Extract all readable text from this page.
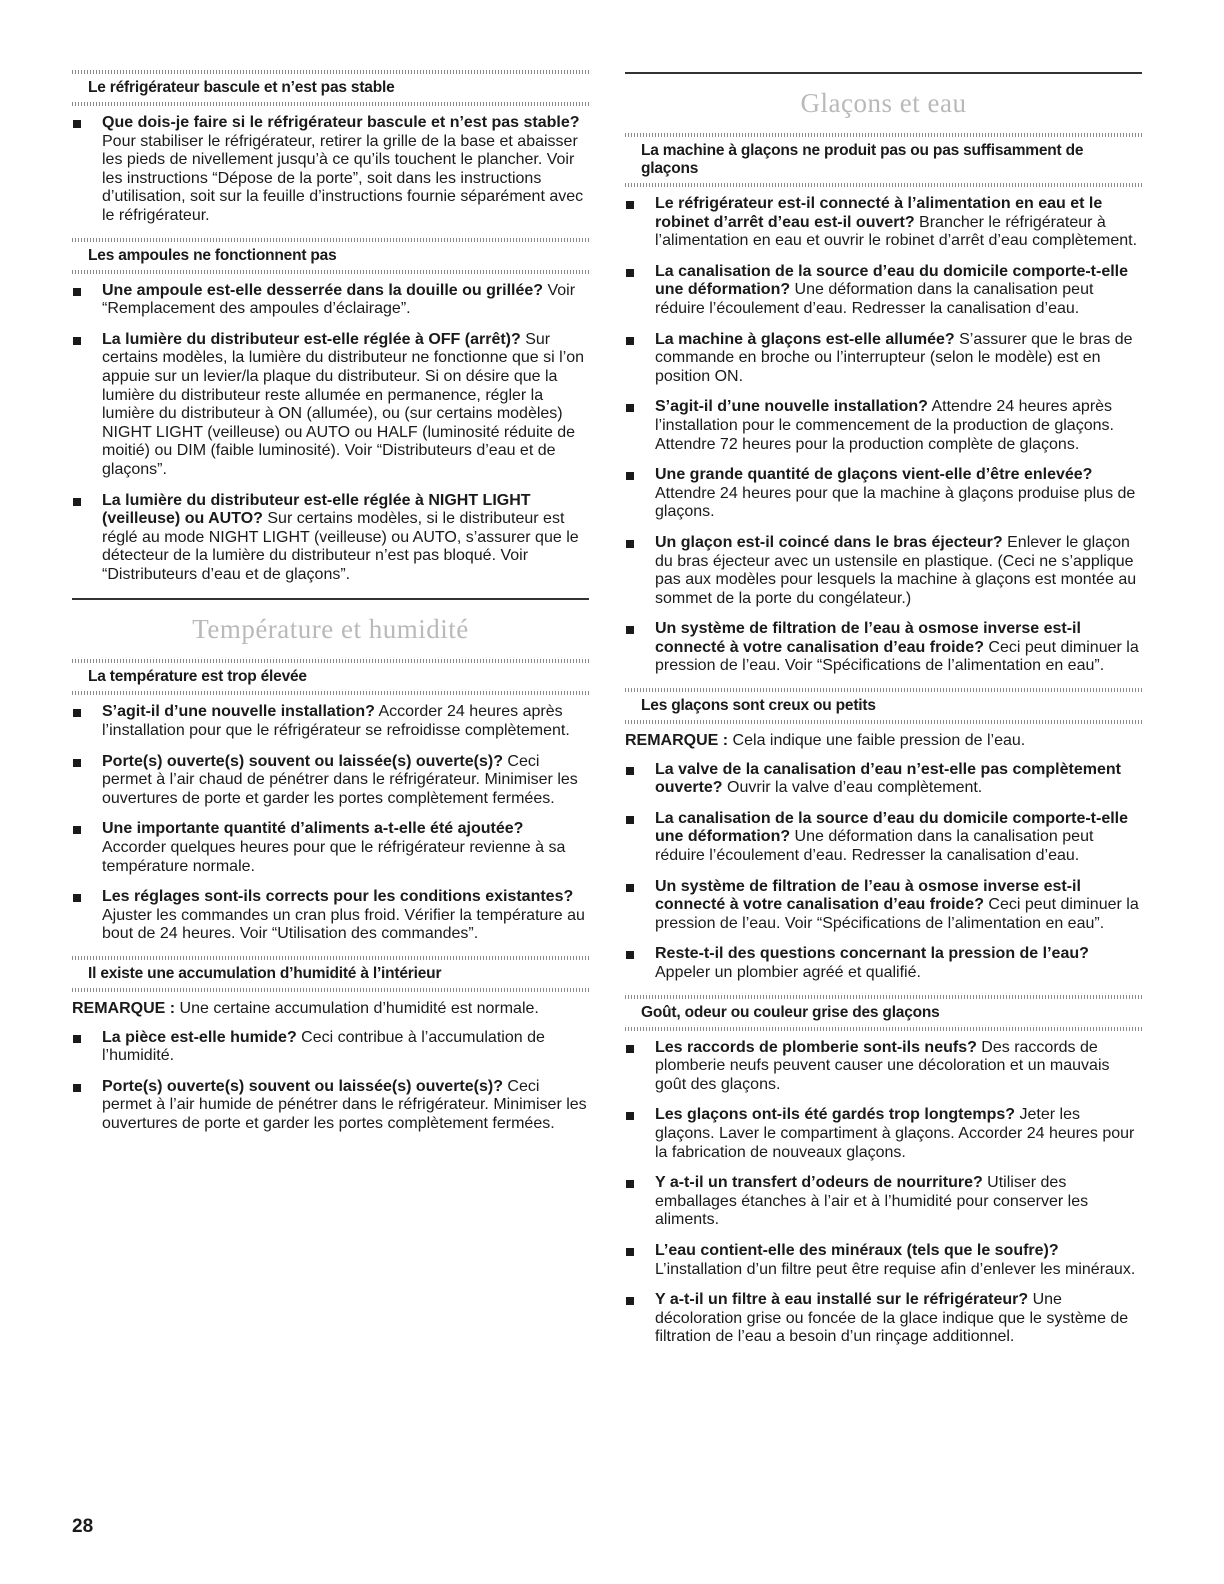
Le réfrigérateur bascule et n’est pas stable
Que dois-je faire si le réfrigérateur bascule et n’est pas stable? Pour stabiliser le réfrigérateur, retirer la grille de la base et abaisser les pieds de nivellement jusqu’à ce qu’ils touchent le plancher. Voir les instructions “Dépose de la porte”, soit dans les instructions d’utilisation, soit sur la feuille d’instructions fournie séparément avec le réfrigérateur.
Les ampoules ne fonctionnent pas
Une ampoule est-elle desserrée dans la douille ou grillée? Voir “Remplacement des ampoules d’éclairage”.
La lumière du distributeur est-elle réglée à OFF (arrêt)? Sur certains modèles, la lumière du distributeur ne fonctionne que si l’on appuie sur un levier/la plaque du distributeur. Si on désire que la lumière du distributeur reste allumée en permanence, régler la lumière du distributeur à ON (allumée), ou (sur certains modèles) NIGHT LIGHT (veilleuse) ou AUTO ou HALF (luminosité réduite de moitié) ou DIM (faible luminosité). Voir “Distributeurs d’eau et de glaçons”.
La lumière du distributeur est-elle réglée à NIGHT LIGHT (veilleuse) ou AUTO? Sur certains modèles, si le distributeur est réglé au mode NIGHT LIGHT (veilleuse) ou AUTO, s’assurer que le détecteur de la lumière du distributeur n’est pas bloqué. Voir “Distributeurs d’eau et de glaçons”.
Température et humidité
La température est trop élevée
S’agit-il d’une nouvelle installation? Accorder 24 heures après l’installation pour que le réfrigérateur se refroidisse complètement.
Porte(s) ouverte(s) souvent ou laissée(s) ouverte(s)? Ceci permet à l’air chaud de pénétrer dans le réfrigérateur. Minimiser les ouvertures de porte et garder les portes complètement fermées.
Une importante quantité d’aliments a-t-elle été ajoutée? Accorder quelques heures pour que le réfrigérateur revienne à sa température normale.
Les réglages sont-ils corrects pour les conditions existantes? Ajuster les commandes un cran plus froid. Vérifier la température au bout de 24 heures. Voir “Utilisation des commandes”.
Il existe une accumulation d’humidité à l’intérieur

REMARQUE : Une certaine accumulation d’humidité est normale.

La pièce est-elle humide? Ceci contribue à l’accumulation de l’humidité.
Porte(s) ouverte(s) souvent ou laissée(s) ouverte(s)? Ceci permet à l’air humide de pénétrer dans le réfrigérateur. Minimiser les ouvertures de porte et garder les portes complètement fermées.
Glaçons et eau
La machine à glaçons ne produit pas ou pas suffisamment de glaçons
Le réfrigérateur est-il connecté à l’alimentation en eau et le robinet d’arrêt d’eau est-il ouvert? Brancher le réfrigérateur à l’alimentation en eau et ouvrir le robinet d’arrêt d’eau complètement.
La canalisation de la source d’eau du domicile comporte-t-elle une déformation? Une déformation dans la canalisation peut réduire l’écoulement d’eau. Redresser la canalisation d’eau.
La machine à glaçons est-elle allumée? S’assurer que le bras de commande en broche ou l’interrupteur (selon le modèle) est en position ON.
S’agit-il d’une nouvelle installation? Attendre 24 heures après l’installation pour le commencement de la production de glaçons. Attendre 72 heures pour la production complète de glaçons.
Une grande quantité de glaçons vient-elle d’être enlevée? Attendre 24 heures pour que la machine à glaçons produise plus de glaçons.
Un glaçon est-il coincé dans le bras éjecteur? Enlever le glaçon du bras éjecteur avec un ustensile en plastique. (Ceci ne s’applique pas aux modèles pour lesquels la machine à glaçons est montée au sommet de la porte du congélateur.)
Un système de filtration de l’eau à osmose inverse est-il connecté à votre canalisation d’eau froide? Ceci peut diminuer la pression de l’eau. Voir “Spécifications de l’alimentation en eau”.
Les glaçons sont creux ou petits

REMARQUE : Cela indique une faible pression de l’eau.

La valve de la canalisation d’eau n’est-elle pas complètement ouverte? Ouvrir la valve d’eau complètement.
La canalisation de la source d’eau du domicile comporte-t-elle une déformation? Une déformation dans la canalisation peut réduire l’écoulement d’eau. Redresser la canalisation d’eau.
Un système de filtration de l’eau à osmose inverse est-il connecté à votre canalisation d’eau froide? Ceci peut diminuer la pression de l’eau. Voir “Spécifications de l’alimentation en eau”.
Reste-t-il des questions concernant la pression de l’eau? Appeler un plombier agréé et qualifié.
Goût, odeur ou couleur grise des glaçons
Les raccords de plomberie sont-ils neufs? Des raccords de plomberie neufs peuvent causer une décoloration et un mauvais goût des glaçons.
Les glaçons ont-ils été gardés trop longtemps? Jeter les glaçons. Laver le compartiment à glaçons. Accorder 24 heures pour la fabrication de nouveaux glaçons.
Y a-t-il un transfert d’odeurs de nourriture? Utiliser des emballages étanches à l’air et à l’humidité pour conserver les aliments.
L’eau contient-elle des minéraux (tels que le soufre)? L’installation d’un filtre peut être requise afin d’enlever les minéraux.
Y a-t-il un filtre à eau installé sur le réfrigérateur? Une décoloration grise ou foncée de la glace indique que le système de filtration de l’eau a besoin d’un rinçage additionnel.
28
